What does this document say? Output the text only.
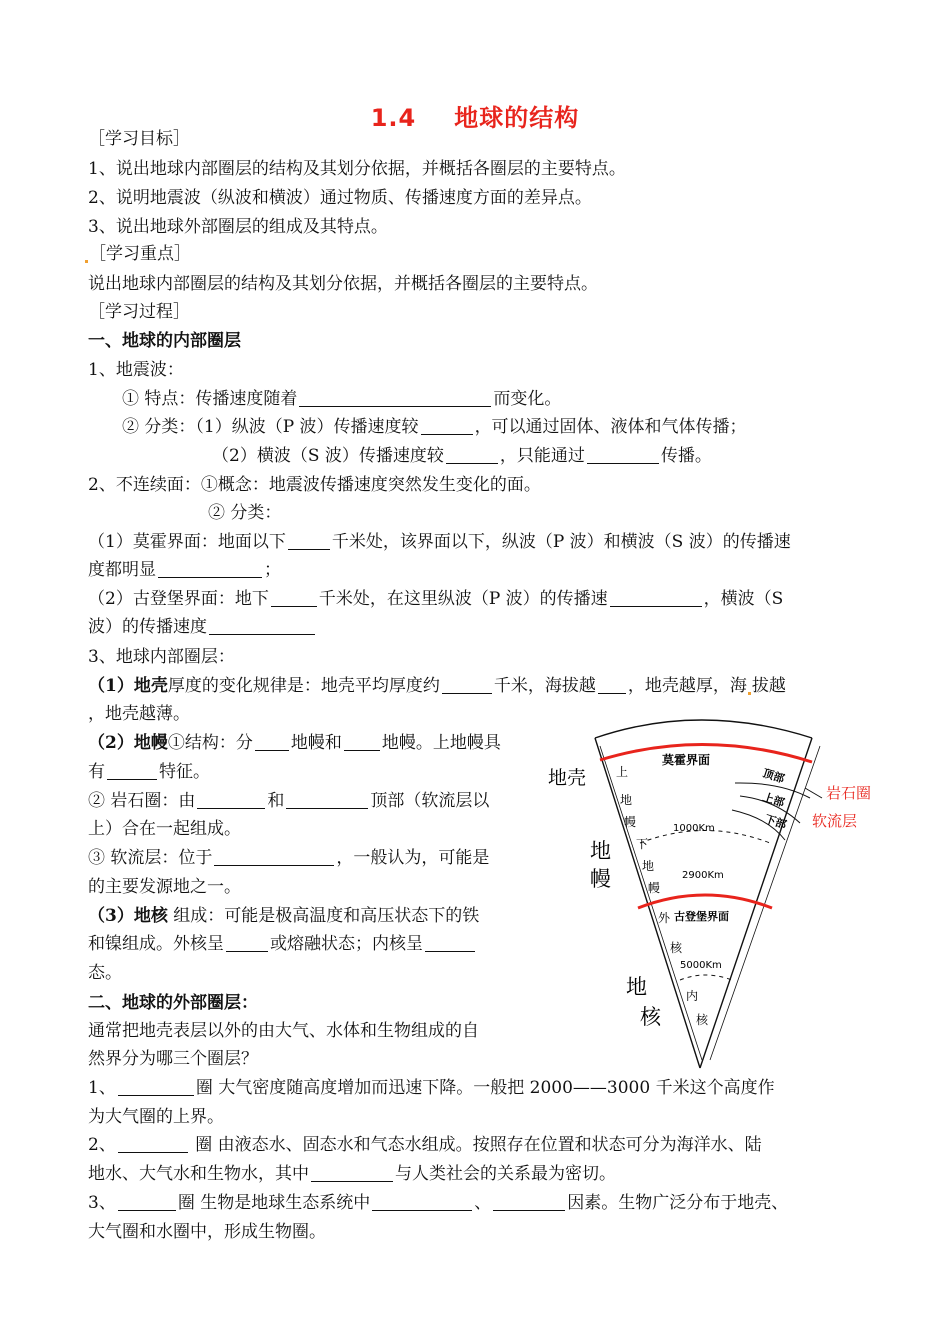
1.4 地球的结构
［学习目标］
1、说出地球内部圈层的结构及其划分依据，并概括各圈层的主要特点。
2、说明地震波（纵波和横波）通过物质、传播速度方面的差异点。
3、说出地球外部圈层的组成及其特点。
［学习重点］
说出地球内部圈层的结构及其划分依据，并概括各圈层的主要特点。
［学习过程］
一、地球的内部圈层
1、地震波：
① 特点：传播速度随着	而变化。
② 分类：（1）纵波（P 波）传播速度较	，可以通过固体、液体和气体传播；
（2）横波（S 波）传播速度较	，只能通过	传播。
2、不连续面：①概念：地震波传播速度突然发生变化的面。
② 分类：
（1）莫霍界面：地面以下	千米处，该界面以下，纵波（P 波）和横波（S 波）的传播速
度都明显	；
（2）古登堡界面：地下	千米处，在这里纵波（P 波）的传播速	，横波（S
波）的传播速度
3、地球内部圈层：
（1）地壳厚度的变化规律是：地壳平均厚度约	千米，海拔越 ，地壳越厚，海 拔越
，地壳越薄。
（2）地幔①结构：分 地幔和 地幔。上地幔具
有	特征。
② 岩石圈：由	和	顶部（软流层以
上）合在一起组成。
③ 软流层：位于	，一般认为，可能是
的主要发源地之一。
（3）地核 组成：可能是极高温度和高压状态下的铁
和镍组成。外核呈	或熔融状态；内核呈
态。
二、地球的外部圈层：
通常把地壳表层以外的由大气、水体和生物组成的自
然界分为哪三个圈层？
1、	圈 大气密度随高度增加而迅速下降。一般把 2000——3000 千米这个高度作
为大气圈的上界。
2、	圈 由液态水、固态水和气态水组成。按照存在位置和状态可分为海洋水、陆
地水、大气水和生物水，其中	与人类社会的关系最为密切。
3、	圈 生物是地球生态系统中	、	因素。生物广泛分布于地壳、
大气圈和水圈中，形成生物圈。
地壳
地
幔
地
核
莫霍界面
古登堡界面
上
地
幔
下
地
幔
外
核
内
核
1000Km
2900Km
5000Km
顶部
上部
下部
岩石圈
软流层
